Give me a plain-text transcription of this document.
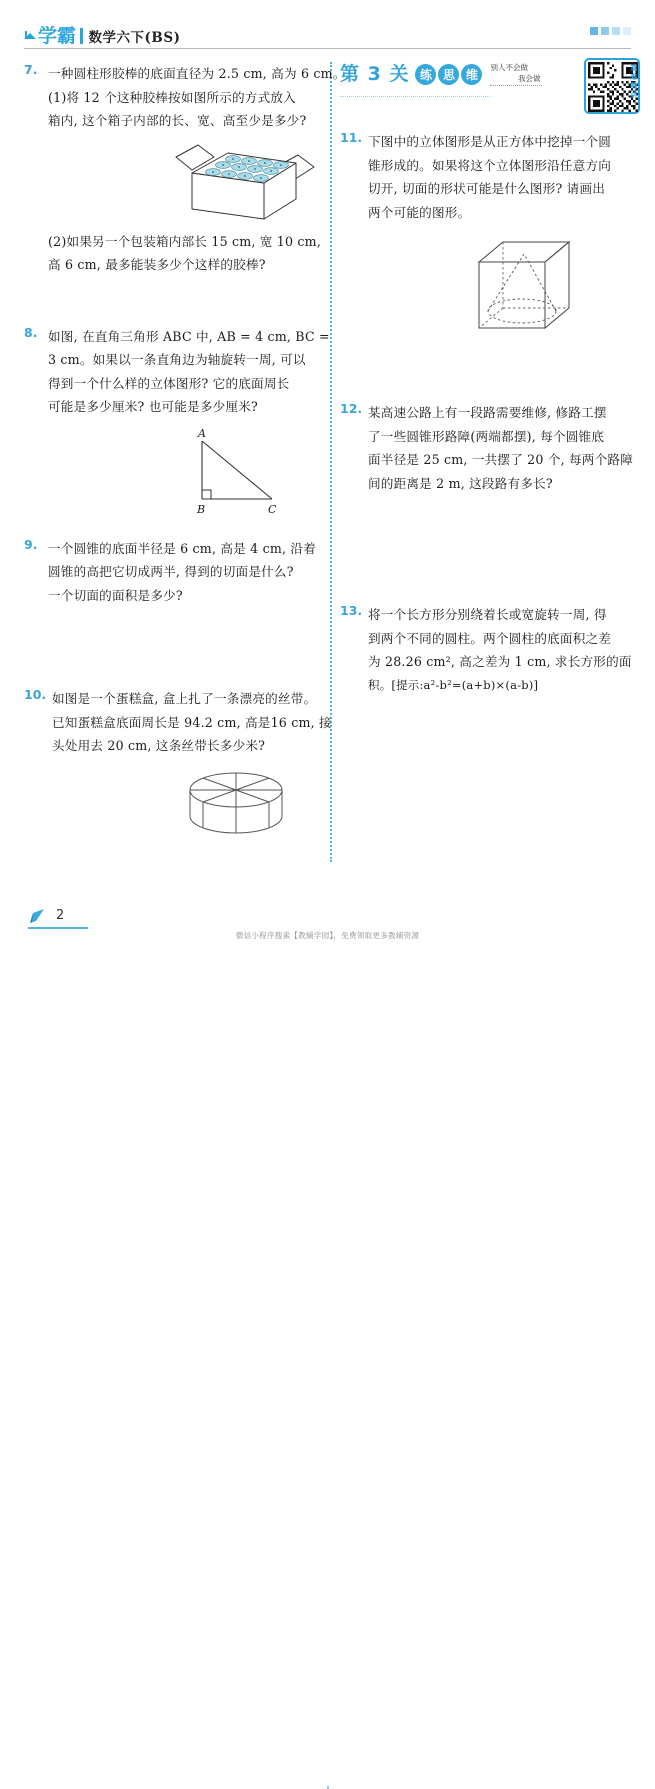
学霸 数学六下(BS)
7. 一种圆柱形胶棒的底面直径为 2.5 cm, 高为 6 cm。
(1)将 12 个这种胶棒按如图所示的方式放入
箱内, 这个箱子内部的长、宽、高至少是多少?
(2)如果另一个包装箱内部长 15 cm, 宽 10 cm,
高 6 cm, 最多能装多少个这样的胶棒?
8. 如图, 在直角三角形 ABC 中, AB = 4 cm, BC =
3 cm。如果以一条直角边为轴旋转一周, 可以
得到一个什么样的立体图形? 它的底面周长
可能是多少厘米? 也可能是多少厘米?
A
B	C
9. 一个圆锥的底面半径是 6 cm, 高是 4 cm, 沿着
圆锥的高把它切成两半, 得到的切面是什么?
一个切面的面积是多少?
10. 如图是一个蛋糕盒, 盒上扎了一条漂亮的丝带。
已知蛋糕盒底面周长是 94.2 cm, 高是16 cm, 接
头处用去 20 cm, 这条丝带长多少米?
第 3 关 练 思 维	别人不会做
我会做
重难精讲
11. 下图中的立体图形是从正方体中挖掉一个圆
锥形成的。如果将这个立体图形沿任意方向
切开, 切面的形状可能是什么图形? 请画出
两个可能的图形。
12. 某高速公路上有一段路需要维修, 修路工摆
了一些圆锥形路障(两端都摆), 每个圆锥底
面半径是 25 cm, 一共摆了 20 个, 每两个路障
间的距离是 2 m, 这段路有多长?
13. 将一个长方形分别绕着长或宽旋转一周, 得
到两个不同的圆柱。两个圆柱的底面积之差
为 28.26 cm², 高之差为 1 cm, 求长方形的面
积。[提示:a²-b²=(a+b)×(a-b)]
2
微信小程序搜索【教辅学园】，免费领取更多教辅资源
